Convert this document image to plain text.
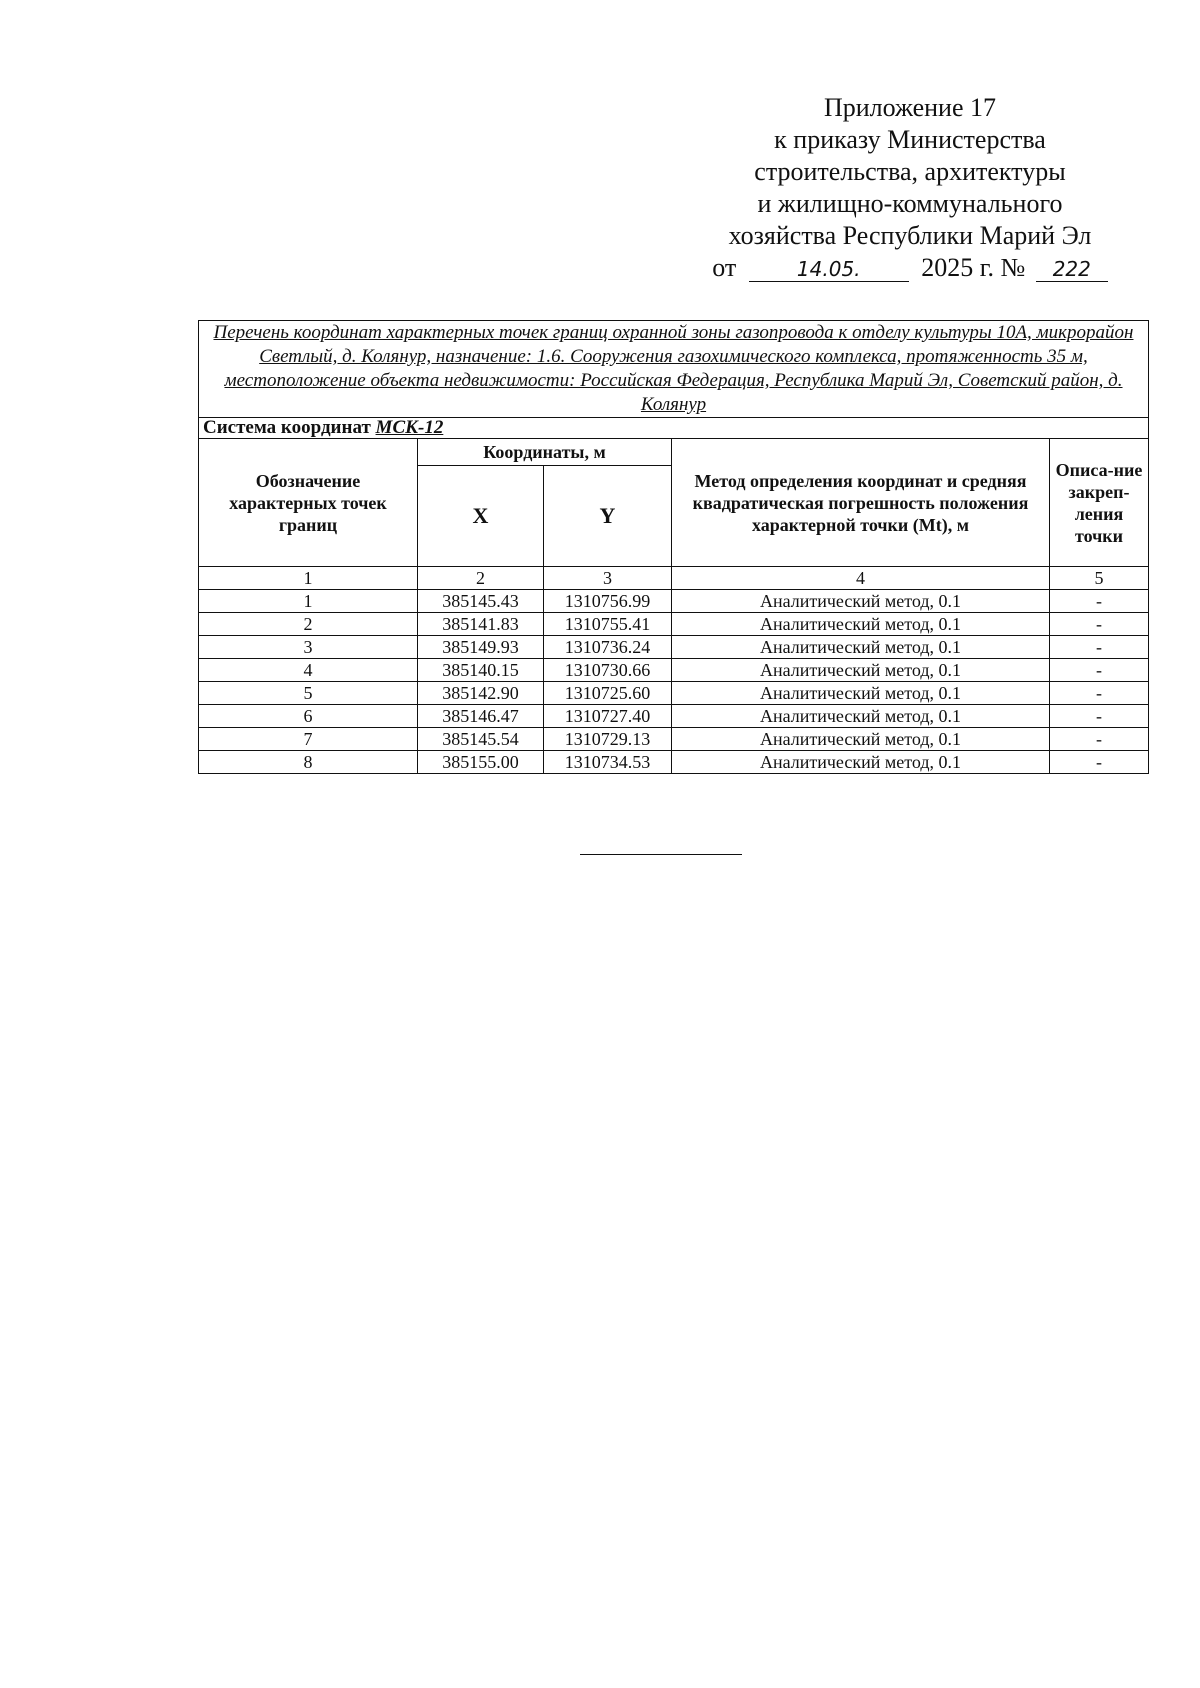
Приложение 17
к приказу Министерства
строительства, архитектуры
и жилищно-коммунального
хозяйства Республики Марий Эл
от	14.05. 2025 г. № 222
Перечень координат характерных точек границ охранной зоны газопровода к отделу культуры 10А, микрорайон Светлый, д. Колянур, назначение: 1.6. Сооружения газохимического комплекса, протяженность 35 м, местоположение объекта недвижимости: Российская Федерация, Республика Марий Эл, Советский район, д. Колянур				
Система координат МСК-12				
Обозначение характерных точек границ	Координаты, м		Метод определения координат и средняя квадратическая погрешность положения характерной точки (Mt), м	Описа-ние закреп-ления точки
	X	Y		
1	2	3	4	5
1	385145.43	1310756.99	Аналитический метод, 0.1	-
2	385141.83	1310755.41	Аналитический метод, 0.1	-
3	385149.93	1310736.24	Аналитический метод, 0.1	-
4	385140.15	1310730.66	Аналитический метод, 0.1	-
5	385142.90	1310725.60	Аналитический метод, 0.1	-
6	385146.47	1310727.40	Аналитический метод, 0.1	-
7	385145.54	1310729.13	Аналитический метод, 0.1	-
8	385155.00	1310734.53	Аналитический метод, 0.1	-
